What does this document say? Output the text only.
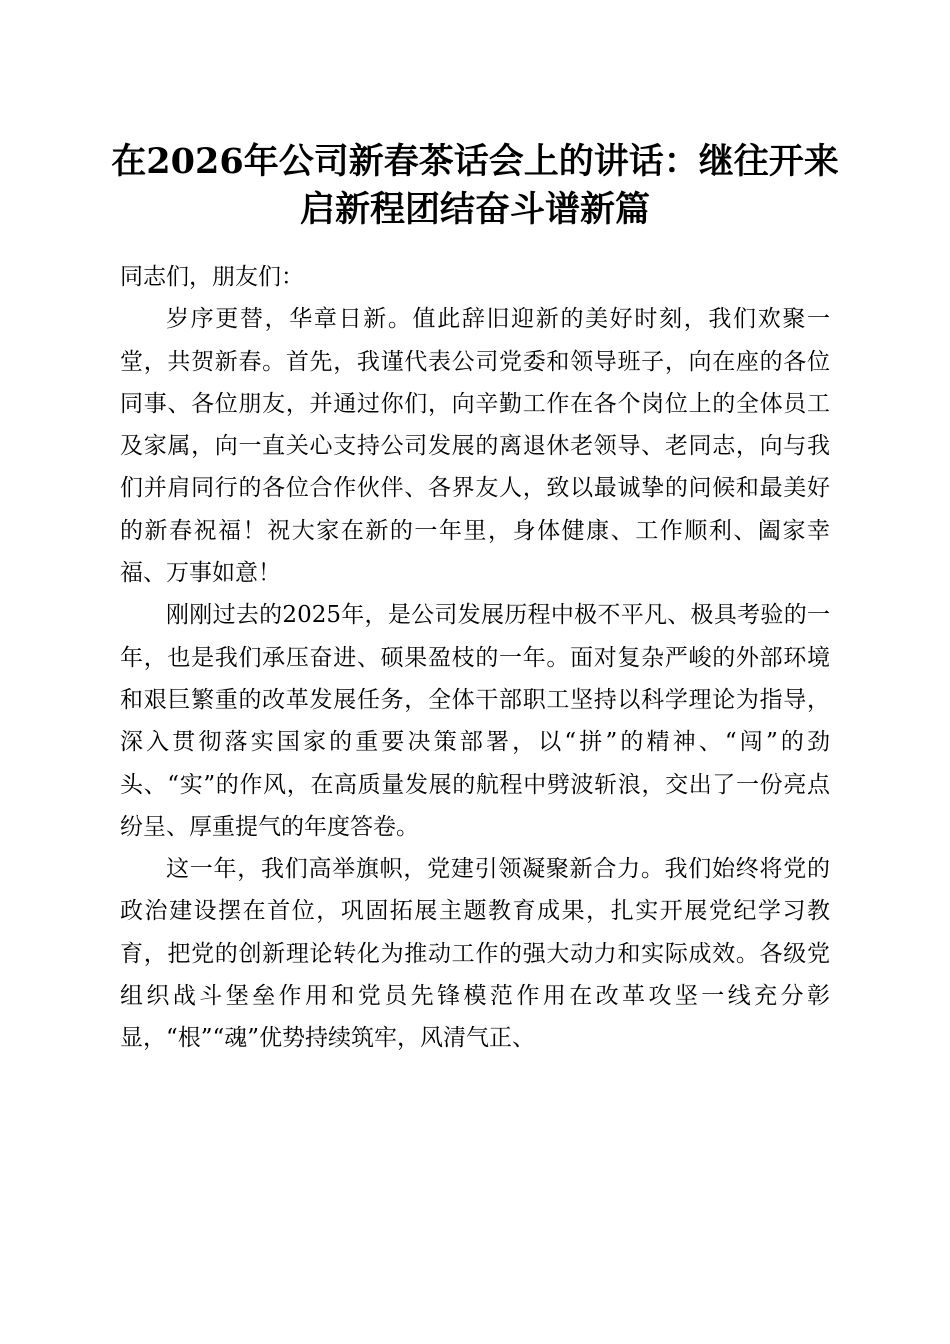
在2026年公司新春茶话会上的讲话：继往开来启新程团结奋斗谱新篇

同志们，朋友们：

岁序更替，华章日新。值此辞旧迎新的美好时刻，我们欢聚一堂，共贺新春。首先，我谨代表公司党委和领导班子，向在座的各位同事、各位朋友，并通过你们，向辛勤工作在各个岗位上的全体员工及家属，向一直关心支持公司发展的离退休老领导、老同志，向与我们并肩同行的各位合作伙伴、各界友人，致以最诚挚的问候和最美好的新春祝福！祝大家在新的一年里，身体健康、工作顺利、阖家幸福、万事如意！

刚刚过去的2025年，是公司发展历程中极不平凡、极具考验的一年，也是我们承压奋进、硕果盈枝的一年。面对复杂严峻的外部环境和艰巨繁重的改革发展任务，全体干部职工坚持以科学理论为指导，深入贯彻落实国家的重要决策部署，以“拼”的精神、“闯”的劲头、“实”的作风，在高质量发展的航程中劈波斩浪，交出了一份亮点纷呈、厚重提气的年度答卷。

这一年，我们高举旗帜，党建引领凝聚新合力。我们始终将党的政治建设摆在首位，巩固拓展主题教育成果，扎实开展党纪学习教育，把党的创新理论转化为推动工作的强大动力和实际成效。各级党组织战斗堡垒作用和党员先锋模范作用在改革攻坚一线充分彰显，“根”“魂”优势持续筑牢，风清气正、
